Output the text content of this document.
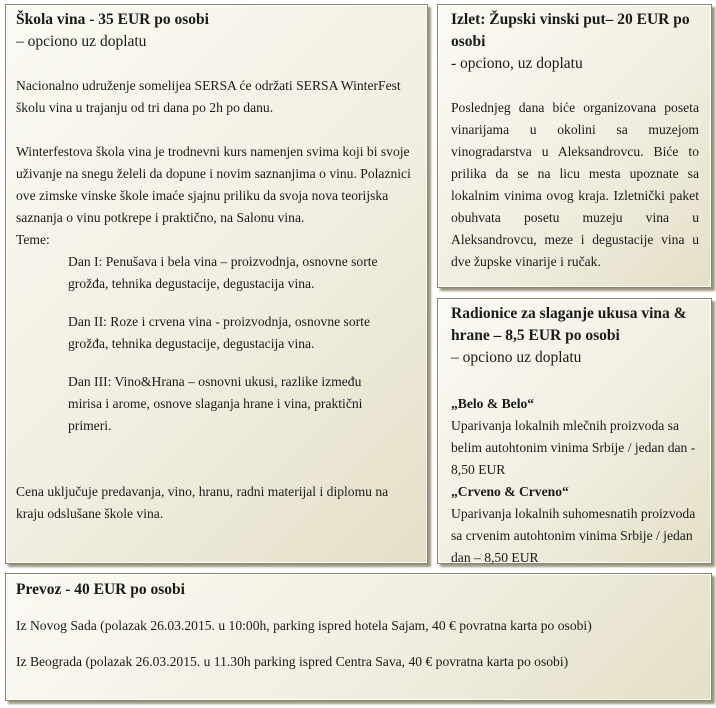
Škola vina - 35 EUR po osobi

– opciono uz doplatu

Nacionalno udruženje somelijea SERSA će održati SERSA WinterFest školu vina u trajanju od tri dana po 2h po danu.

Winterfestova škola vina je trodnevni kurs namenjen svima koji bi svoje uživanje na snegu želeli da dopune i novim saznanjima o vinu. Polaznici ove zimske vinske škole imaće sjajnu priliku da svoja nova teorijska saznanja o vinu potkrepe i praktično, na Salonu vina.

Teme:

Dan I: Penušava i bela vina – proizvodnja, osnovne sorte grožđa, tehnika degustacije, degustacija vina.

Dan II: Roze i crvena vina - proizvodnja, osnovne sorte grožđa, tehnika degustacije, degustacija vina.

Dan III: Vino&Hrana – osnovni ukusi, razlike između mirisa i arome, osnove slaganja hrane i vina, praktični primeri.

Cena uključuje predavanja, vino, hranu, radni materijal i diplomu na kraju odslušane škole vina.

Izlet: Župski vinski put– 20 EUR po osobi

- opciono, uz doplatu

Poslednjeg dana biće organizovana poseta vinarijama u okolini sa muzejom vinogradarstva u Aleksandrovcu. Biće to prilika da se na licu mesta upoznate sa lokalnim vinima ovog kraja. Izletnički paket obuhvata posetu muzeju vina u Aleksandrovcu, meze i degustacije vina u dve župske vinarije i ručak.

Radionice za slaganje ukusa vina & hrane – 8,5 EUR po osobi

– opciono uz doplatu

„Belo & Belo“

Uparivanja lokalnih mlečnih proizvoda sa belim autohtonim vinima Srbije / jedan dan - 8,50 EUR

„Crveno & Crveno“

Uparivanja lokalnih suhomesnatih proizvoda sa crvenim autohtonim vinima Srbije / jedan dan – 8,50 EUR

Prevoz - 40 EUR po osobi

Iz Novog Sada (polazak 26.03.2015. u 10:00h, parking ispred hotela Sajam, 40 € povratna karta po osobi)

Iz Beograda (polazak 26.03.2015. u 11.30h parking ispred Centra Sava, 40 € povratna karta po osobi)
